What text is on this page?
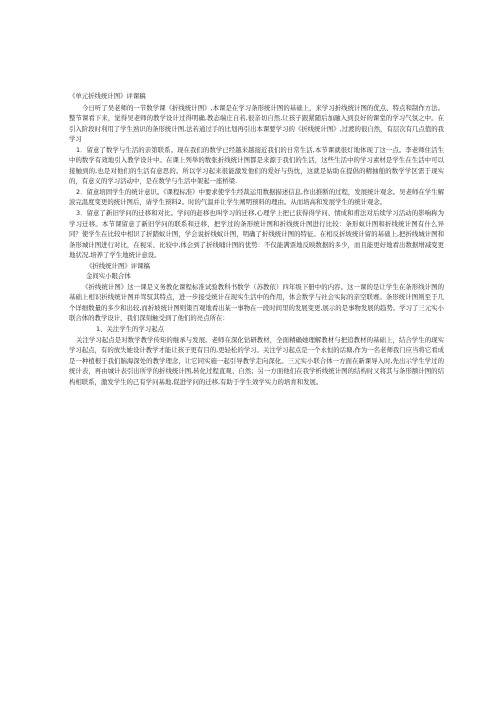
《单元折线统计图》评课稿

今日听了吴老师的一节数学课《折线统计图》,本课是在学习条形统计图的基础上，来学习折线统计图的优点、特点和制作方法。整节课看下来，觉得吴老师的教学设计过得明确,教态端庄自若,很亲切自然,让孩子跟紧随后加融入到良好的课堂的学习气氛之中。在引入阶段时利用了学生熟识的条形统计图,法若通过手的比划再引出本课要学习的《折线统计图》,过渡的很自然，有层次有几点值的我学习

1．留意了数学与生活的亲第联系。现在我们的数学已经越来越接近我们的日常生活,本节课就很灯地体现了这一点。李老师住活生中的数学有效地引入教学设计中。在课上列举的数张折线统计图都是来源于我们的生活，这些生活中的学习素材是学生在生活中可以接触到的,也是对他们的生活有意思的。所以学习起来很能激发他们的爱好与热忱，这就是姑助在提倡的精抽舶的数学学区需于现实的，有意义的学习活动中，是在数学与生活中架起一座桥梁.

2．留意培固学生的统计意识。《课程标准》中要求使学生经裁运用数据描述信息,作出推断的过程，发展统计观念。吴老师在学生解波完温度变更的统计图后，请学生预料2。时的气温并让学生阐明预料的理由。从而培高和发展学生的统计观念。

3．留意了新旧学问的迁移和对比。学问的赶移也叫学习的迁移,心理学上把已获得得学问、情成和甫法对后续学习活动的影响称为学习迁移。本节课留意了新旧学问的联系和迁移，把学过的条形统计图和折线统计图进行比较：条形蚁计图和折线统计图有什么异同？使学生在比较中相识了折踏蚁计图，学会说折线蚁计图，明确了折线统计图的特征。在相反折坡统计留的基础上,把折线城计图和条形城计图进行对比，在视采、比较中,体会到了折线晡计图的优势：不仅能满票地反映数据的多少，而且能更好地看出数据增减变更地状况,培养了学生地统计意设。

《折线统计图》评课稿

金间实小眼合体

《折线统计图》这一课是义务教化课程标准试验教科书数学（苏教依）四年级下册中的内容。这一课的是让学生在条形线计图的基础上相识折线统计图并驾驭其特点，进一步接受统计在现实生活中的作用，体会数学与社会实际的亲空联赛。条形统计图则至于几个详细数量的多少和出较,而折坡统计图则策百观地看出某一事物在一段时间里的发展变更,展示的是事物发展的趋势。学习了三元实小联合体的教学设计，我们深刻触受到了他们的亮点所在：

1、关注学生的学习起点

关注学习起点是对数学教学传矩的继承与发展。老师在深化钻研教材，全面精确她理解教材与把追教材的基础上，结合学生的现实学习起点，有的放失她设计教学才能让孩子更有目的,更轻松的学习。关注学习起点是一个永恒的话塘,作为一名老师我门应当将它看成是一种植根于我们脑海深处的教学理念，让它同实施一起引导教学走向深化。三元实小联合体一方面在新课导入时,先出示学生学过的统计表，再由城计表引出所学的折线统计图,转化过程直观、自然；另一方面他们在我学析线统计图的结构时又将其与条形额计图的结构相联系，激发学生的己有学问基地,促进学问的迁移,有助于学生效学实力的培育和发展。
